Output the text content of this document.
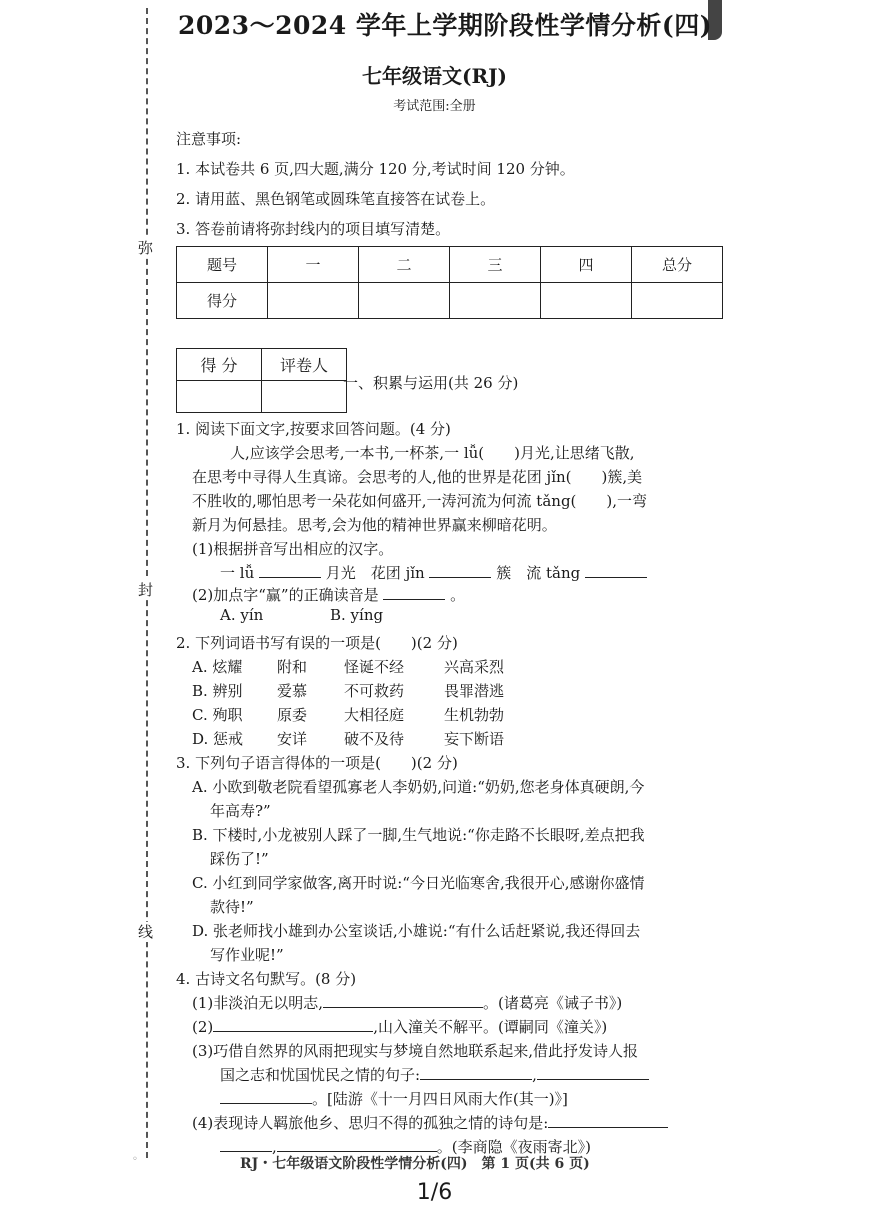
弥
封
线
2023～2024 学年上学期阶段性学情分析(四)
七年级语文(RJ)
考试范围:全册
注意事项:
1. 本试卷共 6 页,四大题,满分 120 分,考试时间 120 分钟。
2. 请用蓝、黑色钢笔或圆珠笔直接答在试卷上。
3. 答卷前请将弥封线内的项目填写清楚。
题号	一	二	三	四	总分
得分					
得 分	评卷人

一、积累与运用(共 26 分)
1. 阅读下面文字,按要求回答问题。(4 分)
人,应该学会思考,一本书,一杯茶,一 lǚ(　　)月光,让思绪飞散,
在思考中寻得人生真谛。会思考的人,他的世界是花团 jǐn(　　)簇,美
不胜收的,哪怕思考一朵花如何盛开,一涛河流为何流 tǎng(　　),一弯
新月为何悬挂。思考,会为他的精神世界赢来柳暗花明。
(1)根据拼音写出相应的汉字。
一 lǚ	月光　花团 jǐn	簇　流 tǎng
(2)加点字“赢”的正确读音是	。
A. yín	B. yíng
2. 下列词语书写有误的一项是(　　)(2 分)
A. 炫耀 附和 怪诞不经	兴高采烈
B. 辨别 爱慕 不可救药	畏罪潜逃
C. 殉职 原委 大相径庭	生机勃勃
D. 惩戒 安详 破不及待	妄下断语
3. 下列句子语言得体的一项是(　　)(2 分)
A. 小欧到敬老院看望孤寡老人李奶奶,问道:“奶奶,您老身体真硬朗,今
年高寿?”
B. 下楼时,小龙被别人踩了一脚,生气地说:“你走路不长眼呀,差点把我
踩伤了!”
C. 小红到同学家做客,离开时说:“今日光临寒舍,我很开心,感谢你盛情
款待!”
D. 张老师找小雄到办公室谈话,小雄说:“有什么话赶紧说,我还得回去
写作业呢!”
4. 古诗文名句默写。(8 分)
(1)非淡泊无以明志,	。(诸葛亮《诫子书》)
(2)	,山入潼关不解平。(谭嗣同《潼关》)
(3)巧借自然界的风雨把现实与梦境自然地联系起来,借此抒发诗人报
国之志和忧国忧民之情的句子:	,
。[陆游《十一月四日风雨大作(其一)》]
(4)表现诗人羁旅他乡、思归不得的孤独之情的诗句是:
,	。(李商隐《夜雨寄北》)
◦	RJ・七年级语文阶段性学情分析(四)　第 1 页(共 6 页)
1/6
